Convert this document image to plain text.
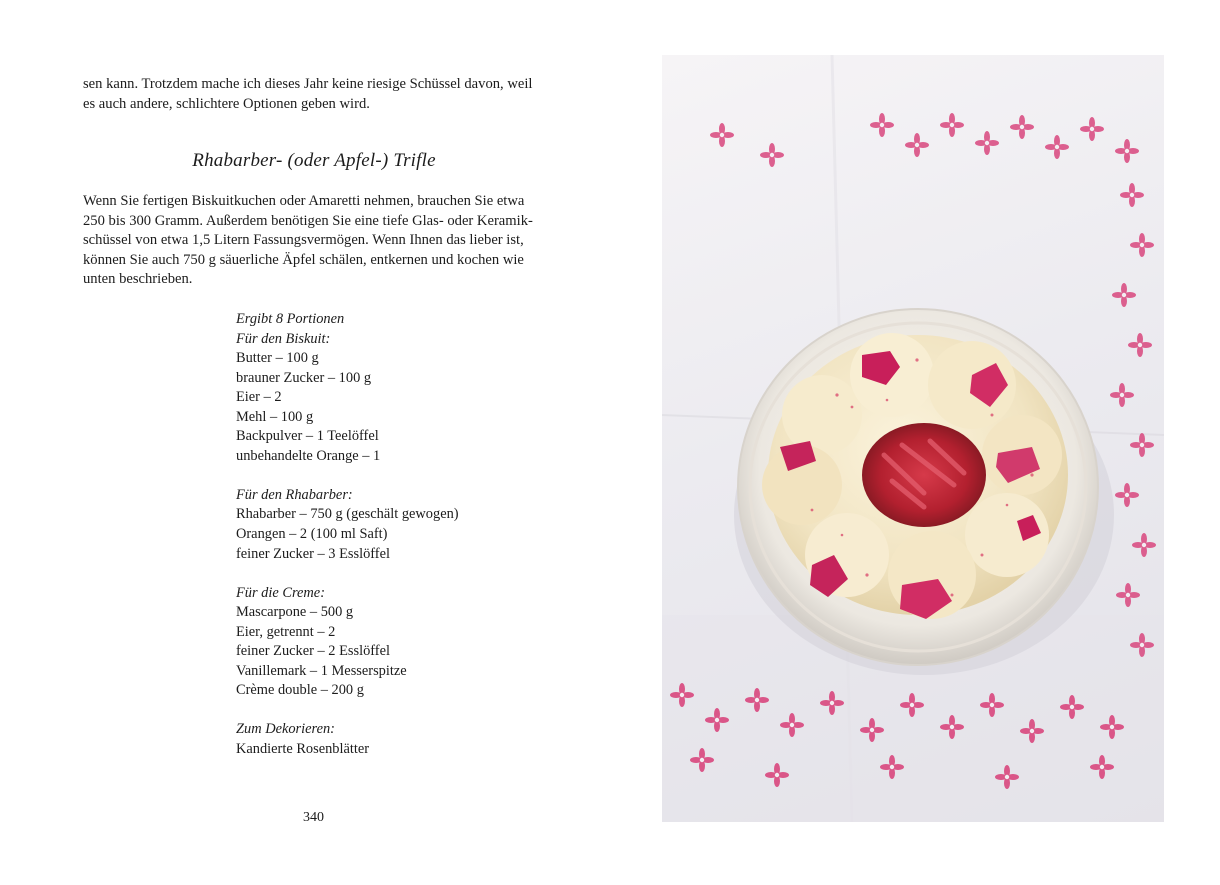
sen kann. Trotzdem mache ich dieses Jahr keine riesige Schüssel davon, weil
es auch andere, schlichtere Optionen geben wird.
Rhabarber- (oder Apfel-) Trifle
Wenn Sie fertigen Biskuitkuchen oder Amaretti nehmen, brauchen Sie etwa
250 bis 300 Gramm. Außerdem benötigen Sie eine tiefe Glas- oder Keramik-
schüssel von etwa 1,5 Litern Fassungsvermögen. Wenn Ihnen das lieber ist,
können Sie auch 750 g säuerliche Äpfel schälen, entkernen und kochen wie
unten beschrieben.
Ergibt 8 Portionen
Für den Biskuit:
Butter – 100 g
brauner Zucker – 100 g
Eier – 2
Mehl – 100 g
Backpulver – 1 Teelöffel
unbehandelte Orange – 1
Für den Rhabarber:
Rhabarber – 750 g (geschält gewogen)
Orangen – 2 (100 ml Saft)
feiner Zucker – 3 Esslöffel
Für die Creme:
Mascarpone – 500 g
Eier, getrennt – 2
feiner Zucker – 2 Esslöffel
Vanillemark – 1 Messerspitze
Crème double – 200 g
Zum Dekorieren:
Kandierte Rosenblätter
340
